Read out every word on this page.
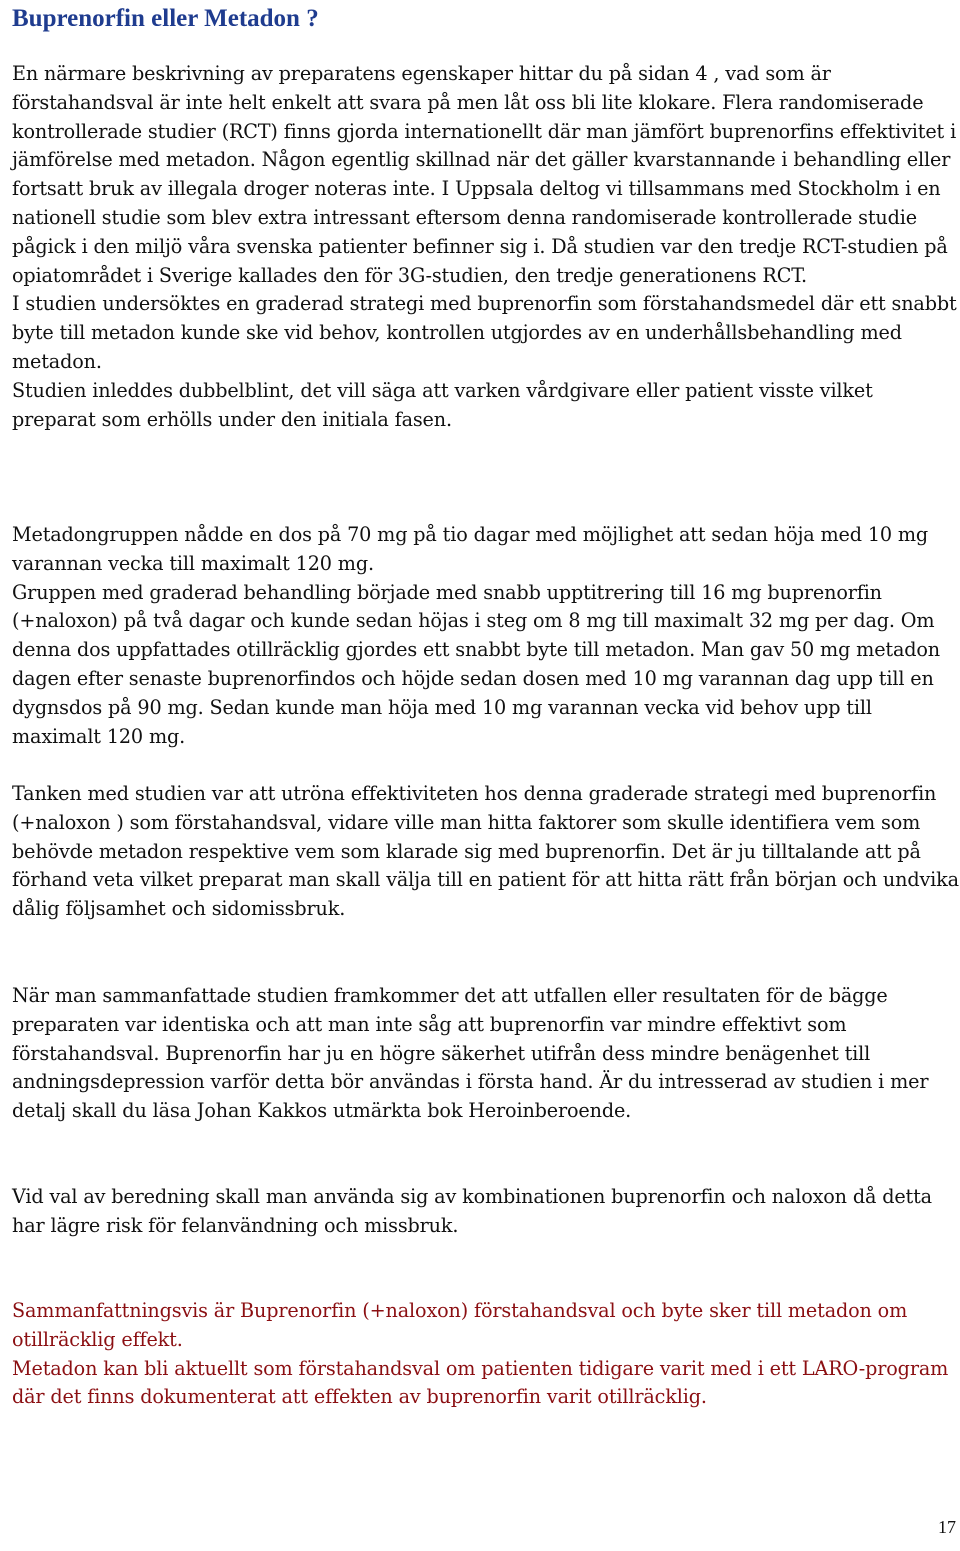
Buprenorfin eller Metadon ?

En närmare beskrivning av preparatens egenskaper hittar du på sidan 4 , vad som är förstahandsval är inte helt enkelt att svara på men låt oss bli lite klokare. Flera randomiserade kontrollerade studier (RCT) finns gjorda internationellt där man jämfört buprenorfins effektivitet i jämförelse med metadon. Någon egentlig skillnad när det gäller kvarstannande i behandling eller fortsatt bruk av illegala droger noteras inte. I Uppsala deltog vi tillsammans med Stockholm i en nationell studie som blev extra intressant eftersom denna randomiserade kontrollerade studie pågick i den miljö våra svenska patienter befinner sig i. Då studien var den tredje RCT-studien på opiatområdet i Sverige kallades den för 3G-studien, den tredje generationens RCT.

I studien undersöktes en graderad strategi med buprenorfin som förstahandsmedel där ett snabbt byte till metadon kunde ske vid behov, kontrollen utgjordes av en underhållsbehandling med metadon.

Studien inleddes dubbelblint, det vill säga att varken vårdgivare eller patient visste vilket preparat som erhölls under den initiala fasen.

Metadongruppen nådde en dos på 70 mg på tio dagar med möjlighet att sedan höja med 10 mg varannan vecka till maximalt 120 mg.

Gruppen med graderad behandling började med snabb upptitrering till 16 mg buprenorfin (+naloxon) på två dagar och kunde sedan höjas i steg om 8 mg till maximalt 32 mg per dag. Om denna dos uppfattades otillräcklig gjordes ett snabbt byte till metadon. Man gav 50 mg metadon dagen efter senaste buprenorfindos och höjde sedan dosen med 10 mg varannan dag upp till en dygnsdos på 90 mg. Sedan kunde man höja med 10 mg varannan vecka vid behov upp till maximalt 120 mg.

Tanken med studien var att utröna effektiviteten hos denna graderade strategi med buprenorfin (+naloxon ) som förstahandsval, vidare ville man hitta faktorer som skulle identifiera vem som behövde metadon respektive vem som klarade sig med buprenorfin. Det är ju tilltalande att på förhand veta vilket preparat man skall välja till en patient för att hitta rätt från början och undvika dålig följsamhet och sidomissbruk.

När man sammanfattade studien framkommer det att utfallen eller resultaten för de bägge preparaten var identiska och att man inte såg att buprenorfin var mindre effektivt som förstahandsval. Buprenorfin har ju en högre säkerhet utifrån dess mindre benägenhet till andningsdepression varför detta bör användas i första hand. Är du intresserad av studien i mer detalj skall du läsa Johan Kakkos utmärkta bok Heroinberoende.

Vid val av beredning skall man använda sig av kombinationen buprenorfin och naloxon då detta har lägre risk för felanvändning och missbruk.

Sammanfattningsvis är Buprenorfin (+naloxon) förstahandsval och byte sker till metadon om otillräcklig effekt.

Metadon kan bli aktuellt som förstahandsval om patienten tidigare varit med i ett LARO-program där det finns dokumenterat att effekten av buprenorfin varit otillräcklig.

17
